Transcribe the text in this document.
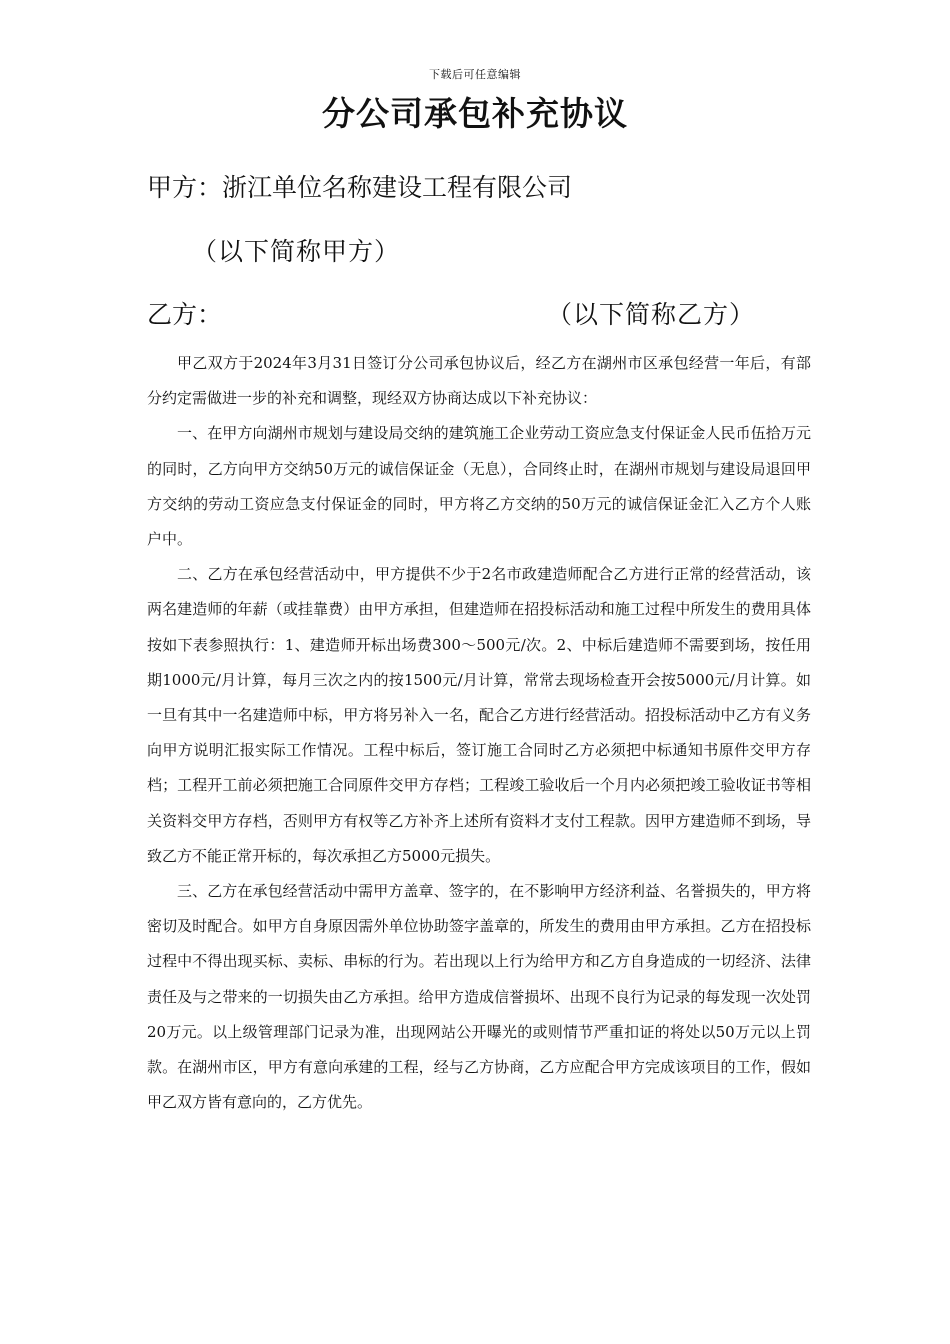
下载后可任意编辑
分公司承包补充协议
甲方：浙江单位名称建设工程有限公司（以下简称甲方）
乙方：	（以下简称乙方）

甲乙双方于2024年3月31日签订分公司承包协议后，经乙方在湖州市区承包经营一年后，有部分约定需做进一步的补充和调整，现经双方协商达成以下补充协议：

一、在甲方向湖州市规划与建设局交纳的建筑施工企业劳动工资应急支付保证金人民币伍拾万元的同时，乙方向甲方交纳50万元的诚信保证金（无息），合同终止时，在湖州市规划与建设局退回甲方交纳的劳动工资应急支付保证金的同时，甲方将乙方交纳的50万元的诚信保证金汇入乙方个人账户中。

二、乙方在承包经营活动中，甲方提供不少于2名市政建造师配合乙方进行正常的经营活动，该两名建造师的年薪（或挂靠费）由甲方承担，但建造师在招投标活动和施工过程中所发生的费用具体按如下表参照执行：1、建造师开标出场费300～500元/次。2、中标后建造师不需要到场，按任用期1000元/月计算，每月三次之内的按1500元/月计算，常常去现场检查开会按5000元/月计算。如一旦有其中一名建造师中标，甲方将另补入一名，配合乙方进行经营活动。招投标活动中乙方有义务向甲方说明汇报实际工作情况。工程中标后，签订施工合同时乙方必须把中标通知书原件交甲方存档；工程开工前必须把施工合同原件交甲方存档；工程竣工验收后一个月内必须把竣工验收证书等相关资料交甲方存档，否则甲方有权等乙方补齐上述所有资料才支付工程款。因甲方建造师不到场，导致乙方不能正常开标的，每次承担乙方5000元损失。

三、乙方在承包经营活动中需甲方盖章、签字的，在不影响甲方经济利益、名誉损失的，甲方将密切及时配合。如甲方自身原因需外单位协助签字盖章的，所发生的费用由甲方承担。乙方在招投标过程中不得出现买标、卖标、串标的行为。若出现以上行为给甲方和乙方自身造成的一切经济、法律责任及与之带来的一切损失由乙方承担。给甲方造成信誉损坏、出现不良行为记录的每发现一次处罚20万元。以上级管理部门记录为准，出现网站公开曝光的或则情节严重扣证的将处以50万元以上罚款。在湖州市区，甲方有意向承建的工程，经与乙方协商，乙方应配合甲方完成该项目的工作，假如甲乙双方皆有意向的，乙方优先。
